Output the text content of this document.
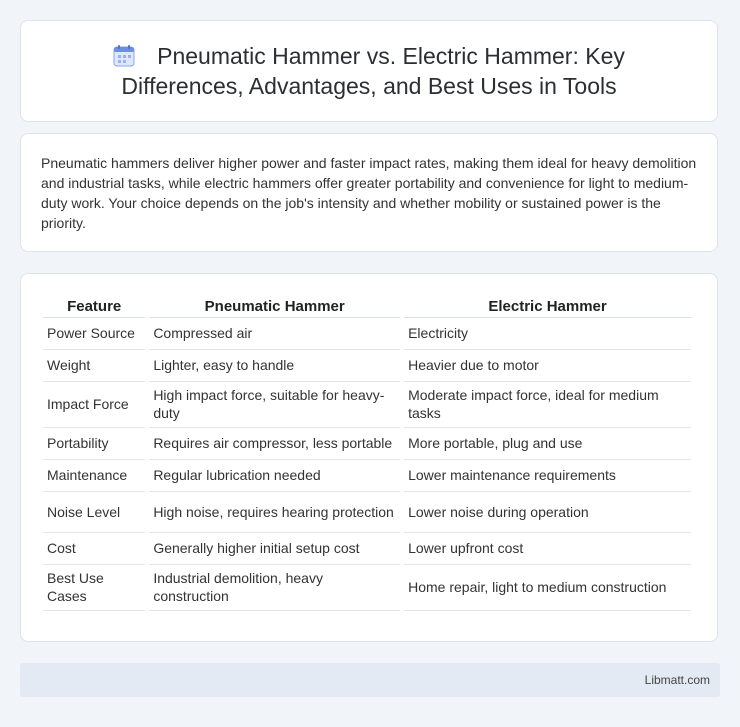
Pneumatic Hammer vs. Electric Hammer: Key Differences, Advantages, and Best Uses in Tools

Pneumatic hammers deliver higher power and faster impact rates, making them ideal for heavy demolition and industrial tasks, while electric hammers offer greater portability and convenience for light to medium-duty work. Your choice depends on the job's intensity and whether mobility or sustained power is the priority.

Feature	Pneumatic Hammer	Electric Hammer
Power Source	Compressed air	Electricity
Weight	Lighter, easy to handle	Heavier due to motor
Impact Force	High impact force, suitable for heavy-duty	Moderate impact force, ideal for medium tasks
Portability	Requires air compressor, less portable	More portable, plug and use
Maintenance	Regular lubrication needed	Lower maintenance requirements
Noise Level	High noise, requires hearing protection	Lower noise during operation
Cost	Generally higher initial setup cost	Lower upfront cost
Best Use Cases	Industrial demolition, heavy construction	Home repair, light to medium construction
Libmatt.com
